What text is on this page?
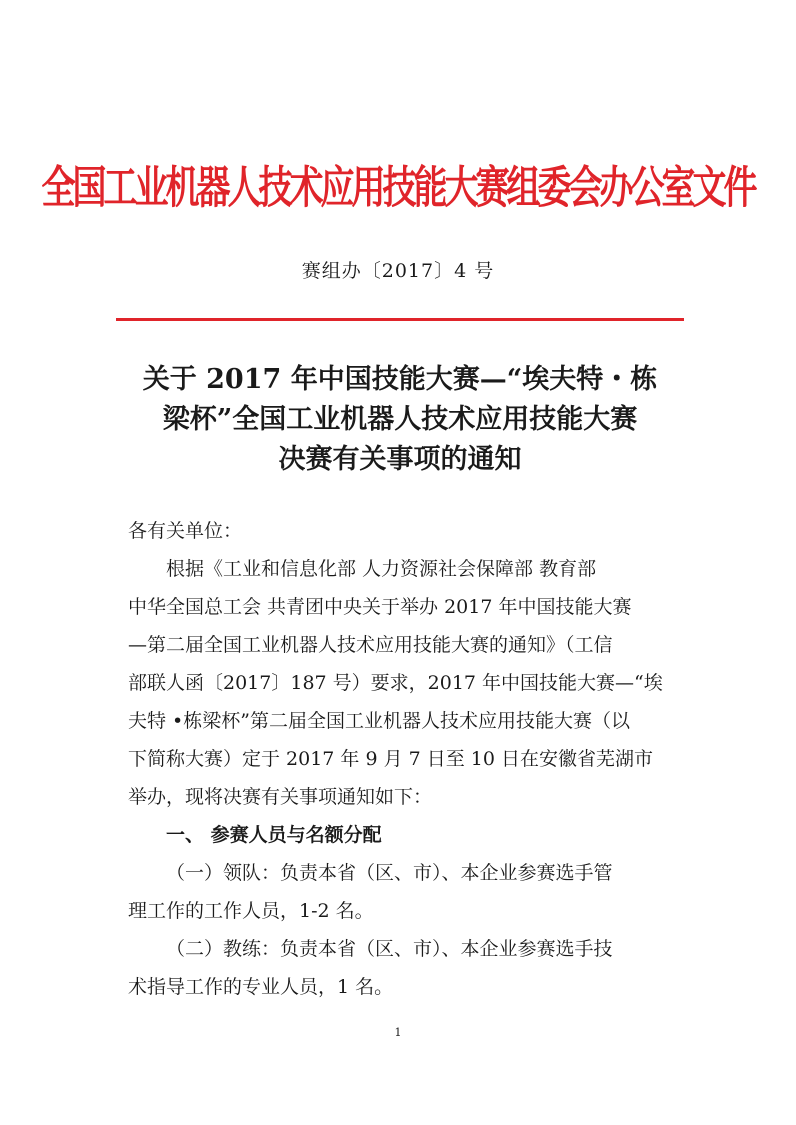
全国工业机器人技术应用技能大赛组委会办公室文件
赛组办〔2017〕4 号
关于 2017 年中国技能大赛—“埃夫特・栋
梁杯”全国工业机器人技术应用技能大赛
决赛有关事项的通知
各有关单位：
根据《工业和信息化部 人力资源社会保障部 教育部
中华全国总工会 共青团中央关于举办 2017 年中国技能大赛
—第二届全国工业机器人技术应用技能大赛的通知》（工信
部联人函〔2017〕187 号）要求，2017 年中国技能大赛—“埃
夫特 •栋梁杯”第二届全国工业机器人技术应用技能大赛（以
下简称大赛）定于 2017 年 9 月 7 日至 10 日在安徽省芜湖市
举办，现将决赛有关事项通知如下：
一、 参赛人员与名额分配
（一）领队：负责本省（区、市）、本企业参赛选手管
理工作的工作人员，1-2 名。
（二）教练：负责本省（区、市）、本企业参赛选手技
术指导工作的专业人员，1 名。
1
